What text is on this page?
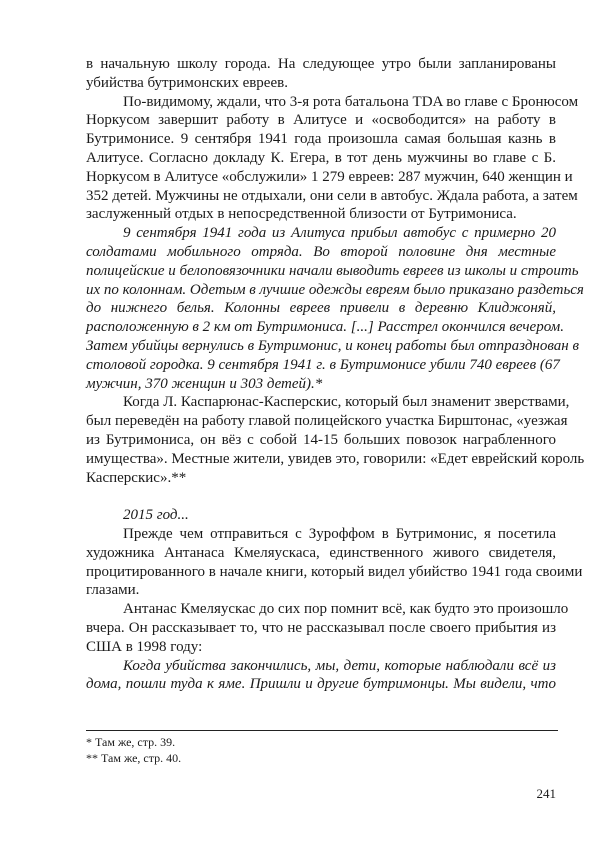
в начальную школу города. На следующее утро были запланированы
убийства бутримонских евреев.
По-видимому, ждали, что 3-я рота батальона TDA во главе с Бронюсом
Норкусом завершит работу в Алитусе и «освободится» на работу в
Бутримонисе. 9 сентября 1941 года произошла самая большая казнь в
Алитусе. Согласно докладу К. Егера, в тот день мужчины во главе с Б.
Норкусом в Алитусе «обслужили» 1 279 евреев: 287 мужчин, 640 женщин и
352 детей. Мужчины не отдыхали, они сели в автобус. Ждала работа, а затем
заслуженный отдых в непосредственной близости от Бутримониса.
9 сентября 1941 года из Алитуса прибыл автобус с примерно 20
солдатами мобильного отряда. Во второй половине дня местные
полицейские и белоповязочники начали выводить евреев из школы и строить
их по колоннам. Одетым в лучшие одежды евреям было приказано раздеться
до нижнего белья. Колонны евреев привели в деревню Клиджоняй,
расположенную в 2 км от Бутримониса. [...] Расстрел окончился вечером.
Затем убийцы вернулись в Бутримонис, и конец работы был отпразднован в
столовой городка. 9 сентября 1941 г. в Бутримонисе убили 740 евреев (67
мужчин, 370 женщин и 303 детей).*
Когда Л. Каспарюнас-Касперскис, который был знаменит зверствами,
был переведён на работу главой полицейского участка Бирштонас, «уезжая
из Бутримониса, он вёз с собой 14-15 больших повозок награбленного
имущества». Местные жители, увидев это, говорили: «Едет еврейский король
Касперскис».**
2015 год...
Прежде чем отправиться с Зуроффом в Бутримонис, я посетила
художника Антанаса Кмеляускаса, единственного живого свидетеля,
процитированного в начале книги, который видел убийство 1941 года своими
глазами.
Антанас Кмеляускас до сих пор помнит всё, как будто это произошло
вчера. Он рассказывает то, что не рассказывал после своего прибытия из
США в 1998 году:
Когда убийства закончились, мы, дети, которые наблюдали всё из
дома, пошли туда к яме. Пришли и другие бутримонцы. Мы видели, что
* Там же, стр. 39.
** Там же, стр. 40.
241
